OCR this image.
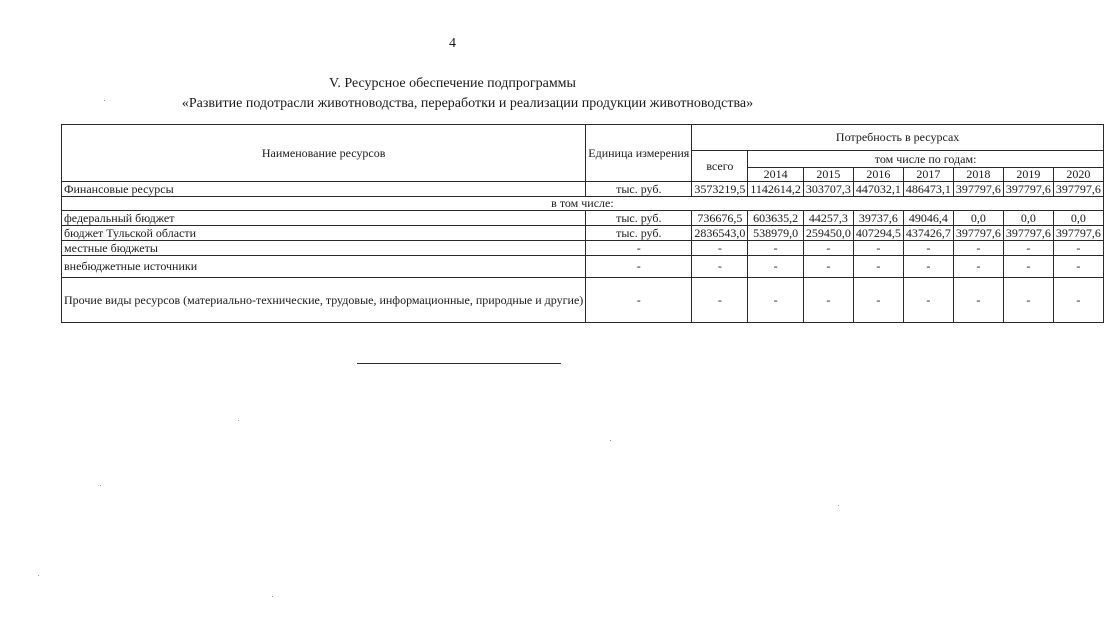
4
V. Ресурсное обеспечение подпрограммы
«Развитие подотрасли животноводства, переработки и реализации продукции животноводства»
Наименование ресурсов	Единица измерения	Потребность в ресурсах							
		всего	том числе по годам:						
			2014	2015	2016	2017	2018	2019	2020
Финансовые ресурсы	тыс. руб.	3573219,5	1142614,2	303707,3	447032,1	486473,1	397797,6	397797,6	397797,6
в том числе:									
федеральный бюджет	тыс. руб.	736676,5	603635,2	44257,3	39737,6	49046,4	0,0	0,0	0,0
бюджет Тульской области	тыс. руб.	2836543,0	538979,0	259450,0	407294,5	437426,7	397797,6	397797,6	397797,6
местные бюджеты	-	-	-	-	-	-	-	-	-
внебюджетные источники	-	-	-	-	-	-	-	-	-
Прочие виды ресурсов (материально-технические, трудовые, информационные, природные и другие)	-	-	-	-	-	-	-	-	-
